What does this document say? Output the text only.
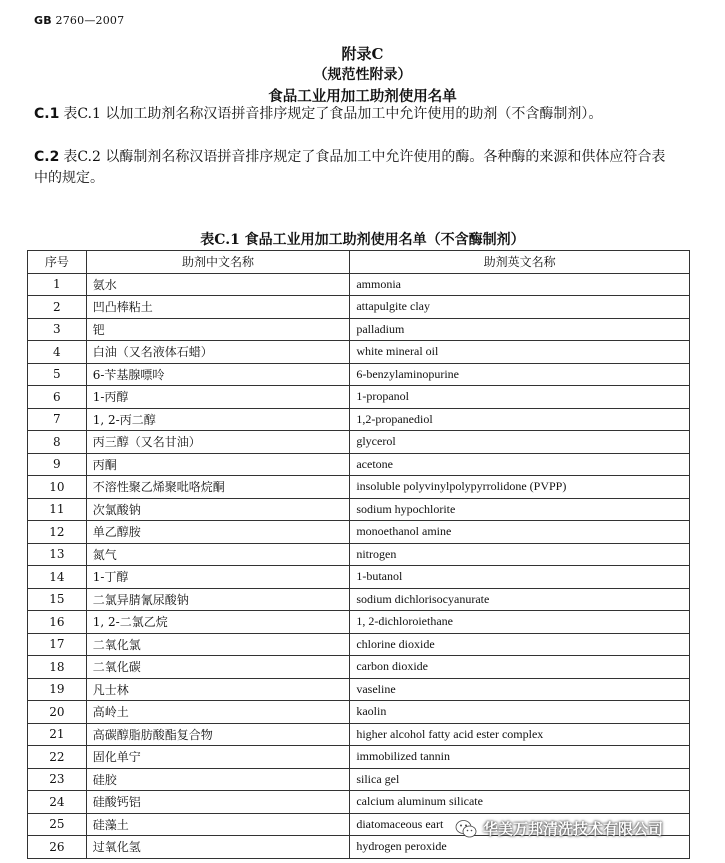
GB 2760—2007
附录C
（规范性附录）
食品工业用加工助剂使用名单
C.1 表C.1 以加工助剂名称汉语拼音排序规定了食品加工中允许使用的助剂（不含酶制剂）。
C.2 表C.2 以酶制剂名称汉语拼音排序规定了食品加工中允许使用的酶。各种酶的来源和供体应符合表中的规定。
表C.1 食品工业用加工助剂使用名单（不含酶制剂）
序号	助剂中文名称	助剂英文名称
1	氨水	ammonia
2	凹凸棒粘土	attapulgite clay
3	钯	palladium
4	白油（又名液体石蜡）	white mineral oil
5	6-苄基腺嘌呤	6-benzylaminopurine
6	1-丙醇	1-propanol
7	1, 2-丙二醇	1,2-propanediol
8	丙三醇（又名甘油）	glycerol
9	丙酮	acetone
10	不溶性聚乙烯聚吡咯烷酮	insoluble polyvinylpolypyrrolidone (PVPP)
11	次氯酸钠	sodium hypochlorite
12	单乙醇胺	monoethanol amine
13	氮气	nitrogen
14	1-丁醇	1-butanol
15	二氯异腈氰尿酸钠	sodium dichlorisocyanurate
16	1, 2-二氯乙烷	1, 2-dichloroiethane
17	二氧化氯	chlorine dioxide
18	二氧化碳	carbon dioxide
19	凡士林	vaseline
20	高岭土	kaolin
21	高碳醇脂肪酸酯复合物	higher alcohol fatty acid ester complex
22	固化单宁	immobilized tannin
23	硅胶	silica gel
24	硅酸钙铝	calcium aluminum silicate
25	硅藻土	diatomaceous eart
26	过氧化氢	hydrogen peroxide
华美万邦清洗技术有限公司
